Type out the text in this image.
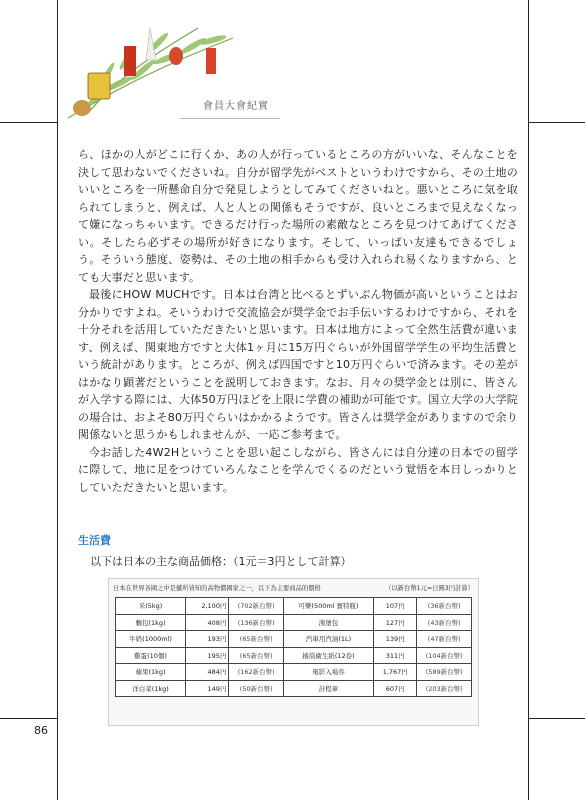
會員大會紀實

ら、ほかの人がどこに行くか、あの人が行っているところの方がいいな、そんなことを決して思わないでくださいね。自分が留学先がベストというわけですから、その土地のいいところを一所懸命自分で発見しようとしてみてくださいねと。悪いところに気を取られてしまうと、例えば、人と人との関係もそうですが、良いところまで見えなくなって嫌になっちゃいます。できるだけ行った場所の素敵なところを見つけてあげてください。そしたら必ずその場所が好きになります。そして、いっぱい友達もできるでしょう。そういう態度、姿勢は、その土地の相手からも受け入れられ易くなりますから、とても大事だと思います。

最後にHOW MUCHです。日本は台湾と比べるとずいぶん物価が高いということはお分かりですよね。そいうわけで交流協会が奨学金でお手伝いするわけですから、それを十分それを活用していただきたいと思います。日本は地方によって全然生活費が違います、例えば、関東地方ですと大体1ヶ月に15万円ぐらいが外国留学学生の平均生活費という統計があります。ところが、例えば四国ですと10万円ぐらいで済みます。その差がはかなり顕著だということを説明しておきます。なお、月々の奨学金とは別に、皆さんが入学する際には、大体50万円ほどを上限に学費の補助が可能です。国立大学の大学院の場合は、およそ80万円ぐらいはかかるようです。皆さんは奨学金がありますので余り関係ないと思うかもしれませんが、一応ご参考まで。

今お話した4W2Hということを思い起こしながら、皆さんには自分達の日本での留学に際して、地に足をつけていろんなことを学んでくるのだという覚悟を本日しっかりとしていただきたいと思います。

生活費
以下は日本の主な商品価格：（1元＝3円として計算）
日本在世界各國之中是蠻所皆知的高物價國家之一，以下為主要商品的價格	（以新台幣1元=日圓3円計算）
米(5kg)	2,100円	(702新台幣)	可樂(500ml 寶特瓶)	107円	(36新台幣)
麵包(1kg)	408円	(136新台幣)	漢堡包	127円	(43新台幣)
牛奶(1000ml)	193円	(65新台幣)	汽車用汽油(1L)	139円	(47新台幣)
雞蛋(10個)	195円	(65新台幣)	捲筒衛生紙(12卷)	311円	(104新台幣)
蘋果(1kg)	484円	(162新台幣)	電影入場券	1,767円	(589新台幣)
洋白菜(1kg)	149円	(50新台幣)	計程車	607円	(203新台幣)
86
